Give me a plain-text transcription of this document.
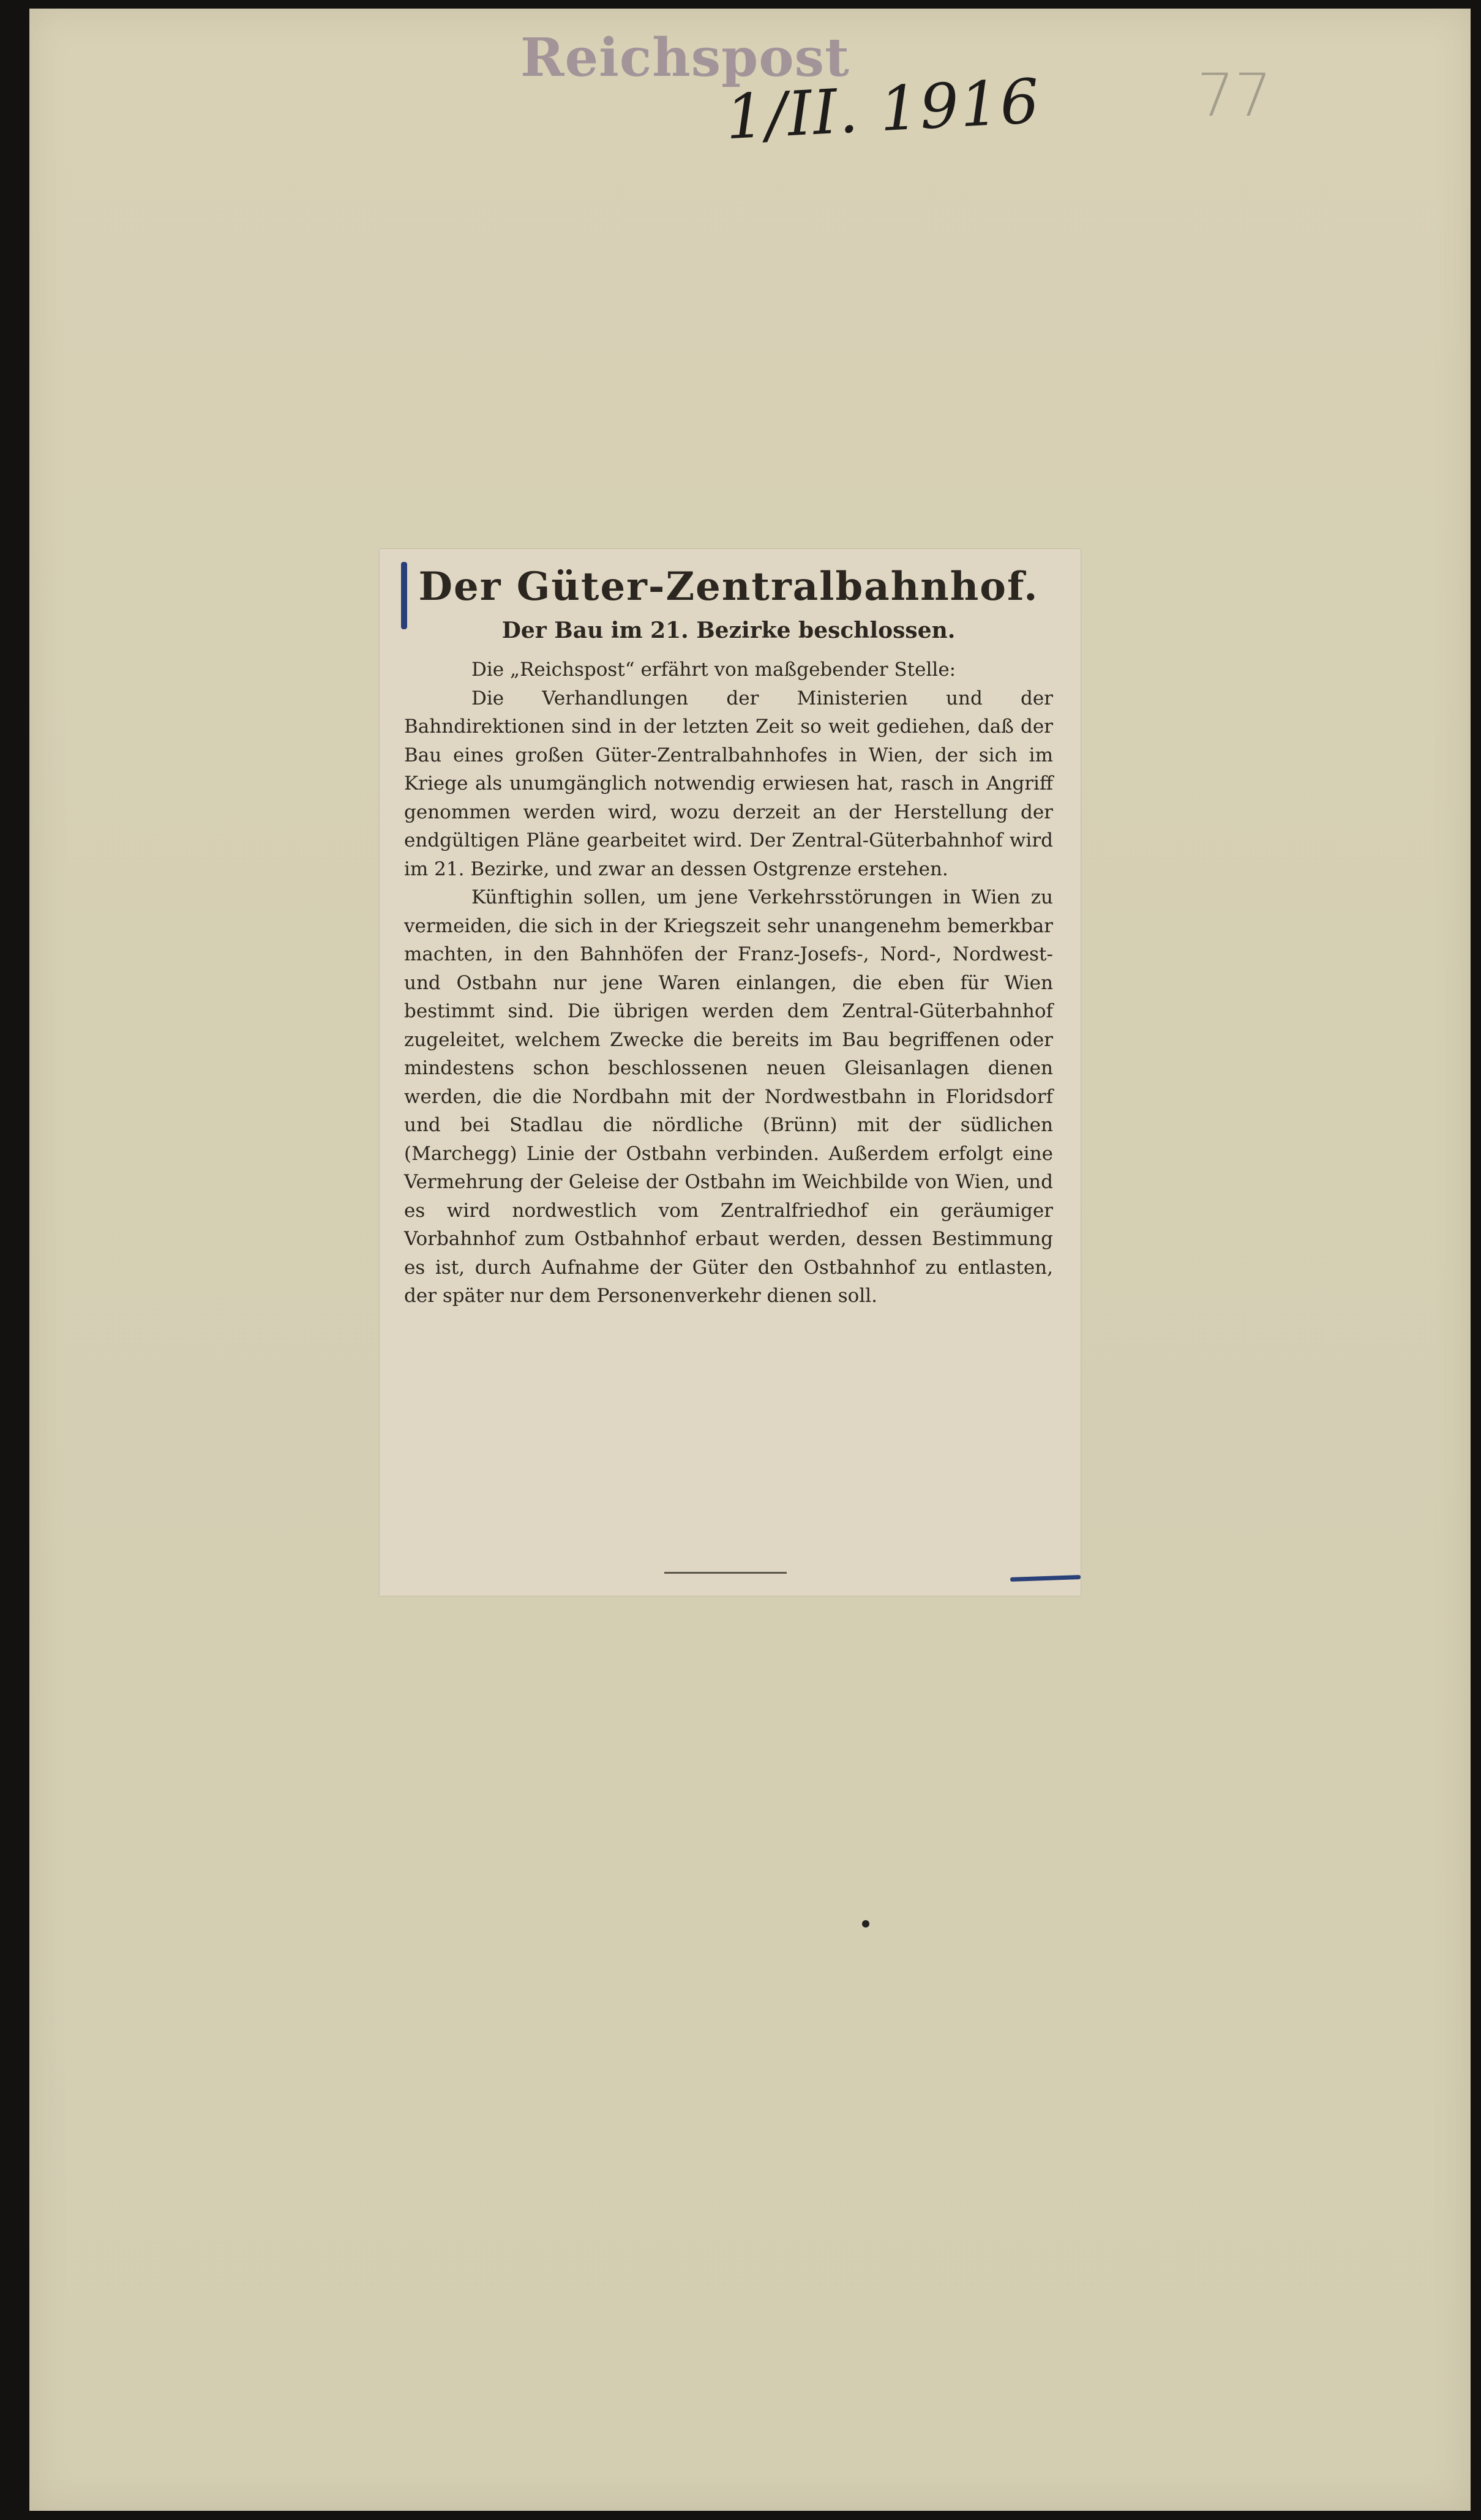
Reichspost
1/II. 1916	77
Der Güter-Zentralbahnhof.
Der Bau im 21. Bezirke beschlossen.

Die „Reichspost“ erfährt von maßgebender Stelle:

Die Verhandlungen der Ministerien und der Bahndirektionen sind in der letzten Zeit so weit gediehen, daß der Bau eines großen Güter-Zentralbahnhofes in Wien, der sich im Kriege als unumgänglich notwendig erwiesen hat, rasch in Angriff genommen werden wird, wozu derzeit an der Herstellung der endgültigen Pläne gearbeitet wird. Der Zentral-Güterbahnhof wird im 21. Bezirke, und zwar an dessen Ostgrenze erstehen.

Künftighin sollen, um jene Verkehrsstörungen in Wien zu vermeiden, die sich in der Kriegszeit sehr unangenehm bemerkbar machten, in den Bahnhöfen der Franz-Josefs-, Nord-, Nordwest- und Ostbahn nur jene Waren einlangen, die eben für Wien bestimmt sind. Die übrigen werden dem Zentral-Güterbahnhof zugeleitet, welchem Zwecke die bereits im Bau begriffenen oder mindestens schon beschlossenen neuen Gleisanlagen dienen werden, die die Nordbahn mit der Nordwestbahn in Floridsdorf und bei Stadlau die nördliche (Brünn) mit der südlichen (Marchegg) Linie der Ostbahn verbinden. Außerdem erfolgt eine Vermehrung der Geleise der Ostbahn im Weichbilde von Wien, und es wird nordwestlich vom Zentralfriedhof ein geräumiger Vorbahnhof zum Ostbahnhof erbaut werden, dessen Bestimmung es ist, durch Aufnahme der Güter den Ostbahnhof zu entlasten, der später nur dem Personenverkehr dienen soll.
